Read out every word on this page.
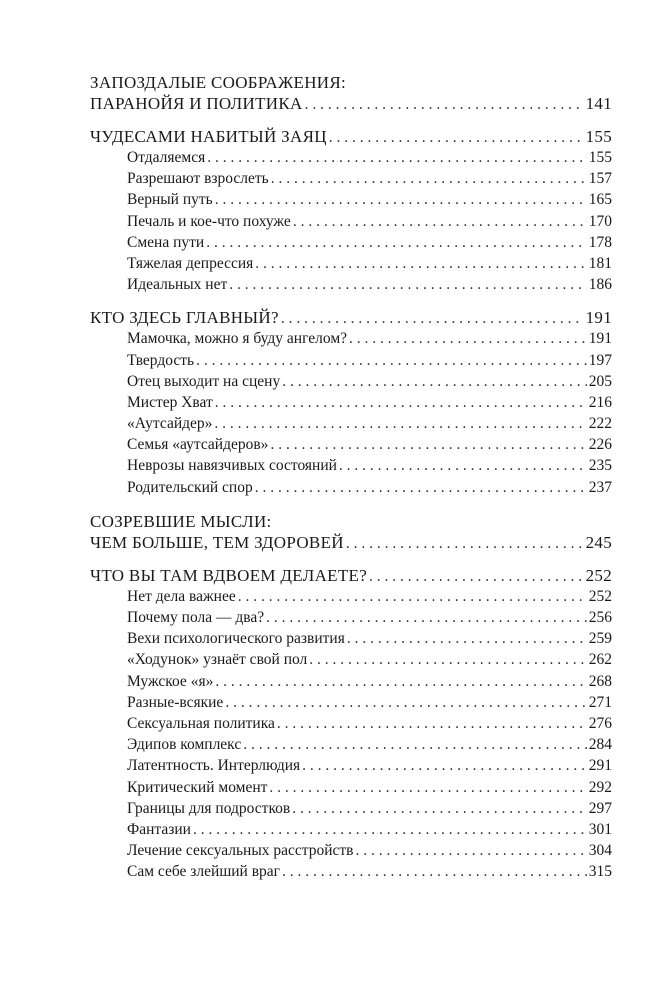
ЗАПОЗДАЛЫЕ СООБРАЖЕНИЯ:
ПАРАНОЙЯ И ПОЛИТИКА . . .	141
ЧУДЕСАМИ НАБИТЫЙ ЗАЯЦ . . .	155
Отдаляемся . . .	155
Разрешают взрослеть . . .	157
Верный путь . . .	165
Печаль и кое-что похуже . . .	170
Смена пути . . .	178
Тяжелая депрессия . . .	181
Идеальных нет . . .	186
КТО ЗДЕСЬ ГЛАВНЫЙ? . . .	191
Мамочка, можно я буду ангелом? . . .	191
Твердость . . .	197
Отец выходит на сцену . . .	205
Мистер Хват . . .	216
«Аутсайдер» . . .	222
Семья «аутсайдеров» . . .	226
Неврозы навязчивых состояний . . .	235
Родительский спор . . .	237
СОЗРЕВШИЕ МЫСЛИ:
ЧЕМ БОЛЬШЕ, ТЕМ ЗДОРОВЕЙ . . .	245
ЧТО ВЫ ТАМ ВДВОЕМ ДЕЛАЕТЕ? . . .	252
Нет дела важнее . . .	252
Почему пола — два? . . .	256
Вехи психологического развития . . .	259
«Ходунок» узнаёт свой пол . . .	262
Мужское «я» . . .	268
Разные-всякие . . .	271
Сексуальная политика . . .	276
Эдипов комплекс . . .	284
Латентность. Интерлюдия . . .	291
Критический момент . . .	292
Границы для подростков . . .	297
Фантазии . . .	301
Лечение сексуальных расстройств . . .	304
Сам себе злейший враг . . .	315
